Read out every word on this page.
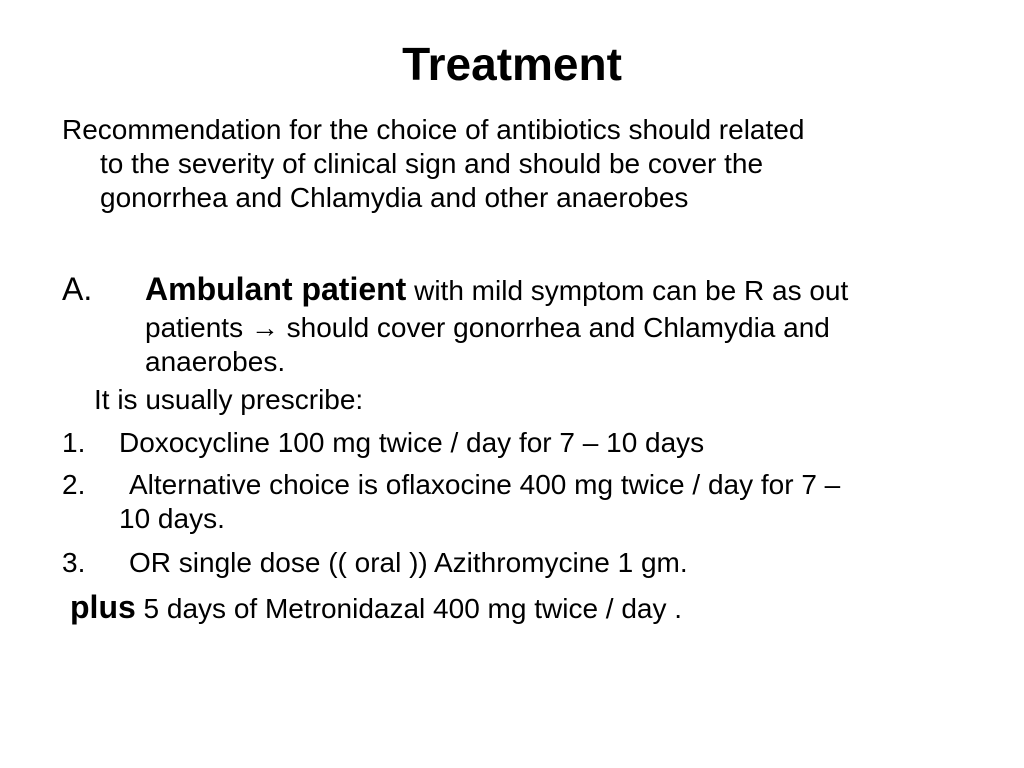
Treatment
Recommendation for the choice of antibiotics should related
to the severity of clinical sign and should be cover the
gonorrhea and Chlamydia and other anaerobes
A. Ambulant patient with mild symptom can be R as out
patients → should cover gonorrhea and Chlamydia and
anaerobes.
It is usually prescribe:
1. Doxocycline 100 mg twice / day for 7 – 10 days
2. Alternative choice is oflaxocine 400 mg twice / day for 7 –
10 days.
3. OR single dose (( oral )) Azithromycine 1 gm.
plus 5 days of Metronidazal 400 mg twice / day .
